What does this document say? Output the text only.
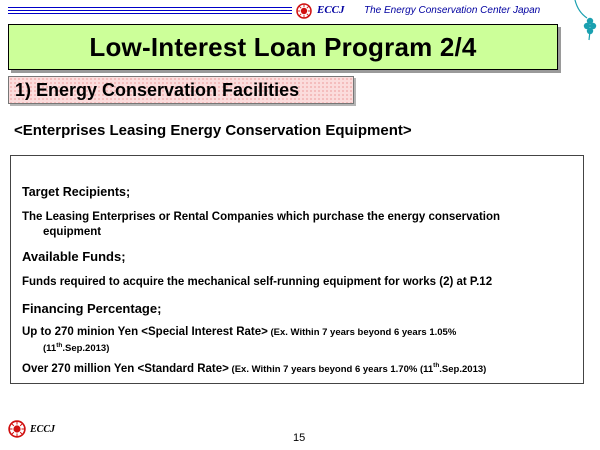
ECCJ The Energy Conservation Center Japan
Low-Interest Loan Program 2/4
1) Energy Conservation Facilities
<Enterprises Leasing Energy Conservation Equipment>
Target Recipients;
The Leasing Enterprises or Rental Companies which purchase the energy conservation
equipment
Available Funds;
Funds required to acquire the mechanical self-running equipment for works (2) at P.12
Financing Percentage;
Up to 270 minion Yen <Special Interest Rate> (Ex. Within 7 years beyond 6 years 1.05%
(11th.Sep.2013)
Over 270 million Yen <Standard Rate> (Ex. Within 7 years beyond 6 years 1.70% (11th.Sep.2013)
ECCJ
15
